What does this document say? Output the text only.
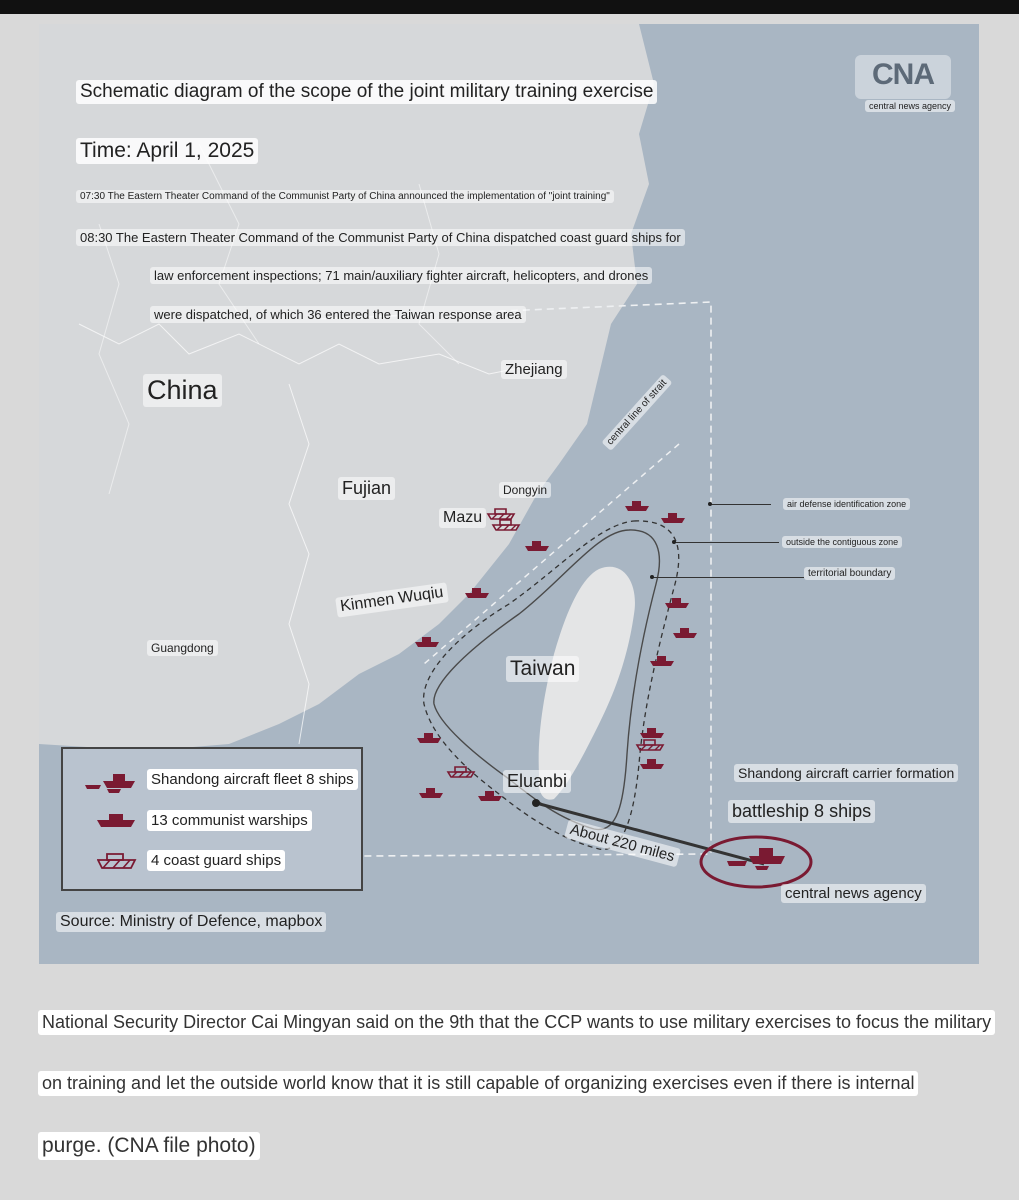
Schematic diagram of the scope of the joint military training exercise
Time: April 1, 2025
07:30 The Eastern Theater Command of the Communist Party of China announced the implementation of "joint training"
08:30 The Eastern Theater Command of the Communist Party of China dispatched coast guard ships for
law enforcement inspections; 71 main/auxiliary fighter aircraft, helicopters, and drones
were dispatched, of which 36 entered the Taiwan response area
CNA
central news agency
China
Zhejiang
Fujian	Dongyin
Mazu
Kinmen Wuqiu
Guangdong
Taiwan
Eluanbi
central line of strait
air defense identification zone
outside the contiguous zone
territorial boundary
About 220 miles
Shandong aircraft carrier formation
battleship 8 ships
central news agency
Source: Ministry of Defence, mapbox
Shandong aircraft fleet 8 ships
13 communist warships
4 coast guard ships
National Security Director Cai Mingyan said on the 9th that the CCP wants to use military exercises to focus the military
on training and let the outside world know that it is still capable of organizing exercises even if there is internal
purge. (CNA file photo)
